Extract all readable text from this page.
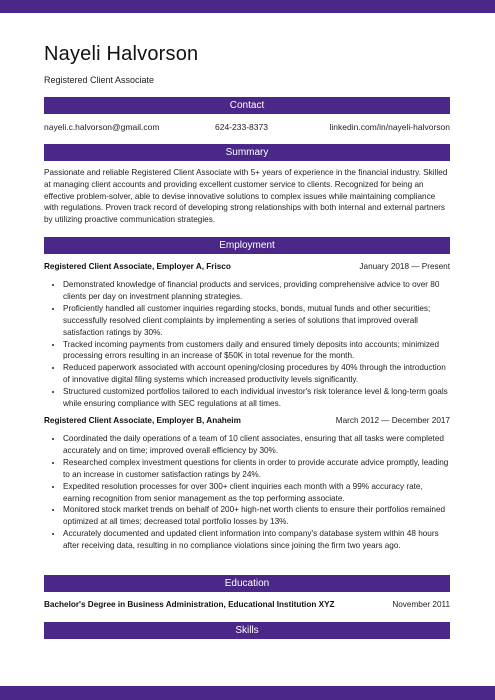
Nayeli Halvorson
Registered Client Associate
Contact
nayeli.c.halvorson@gmail.com	624-233-8373	linkedin.com/in/nayeli-halvorson
Summary
Passionate and reliable Registered Client Associate with 5+ years of experience in the financial industry. Skilled at managing client accounts and providing excellent customer service to clients. Recognized for being an effective problem-solver, able to devise innovative solutions to complex issues while maintaining compliance with regulations. Proven track record of developing strong relationships with both internal and external partners by utilizing proactive communication strategies.
Employment
Registered Client Associate, Employer A, Frisco	January 2018 — Present
• Demonstrated knowledge of financial products and services, providing comprehensive advice to over 80 clients per day on investment planning strategies.
• Proficiently handled all customer inquiries regarding stocks, bonds, mutual funds and other securities; successfully resolved client complaints by implementing a series of solutions that improved overall satisfaction ratings by 30%.
• Tracked incoming payments from customers daily and ensured timely deposits into accounts; minimized processing errors resulting in an increase of $50K in total revenue for the month.
• Reduced paperwork associated with account opening/closing procedures by 40% through the introduction of innovative digital filing systems which increased productivity levels significantly.
• Structured customized portfolios tailored to each individual investor's risk tolerance level & long-term goals while ensuring compliance with SEC regulations at all times.
Registered Client Associate, Employer B, Anaheim	March 2012 — December 2017
• Coordinated the daily operations of a team of 10 client associates, ensuring that all tasks were completed accurately and on time; improved overall efficiency by 30%.
• Researched complex investment questions for clients in order to provide accurate advice promptly, leading to an increase in customer satisfaction ratings by 24%.
• Expedited resolution processes for over 300+ client inquiries each month with a 99% accuracy rate, earning recognition from senior management as the top performing associate.
• Monitored stock market trends on behalf of 200+ high-net worth clients to ensure their portfolios remained optimized at all times; decreased total portfolio losses by 13%.
• Accurately documented and updated client information into company's database system within 48 hours after receiving data, resulting in no compliance violations since joining the firm two years ago.
Education
Bachelor's Degree in Business Administration, Educational Institution XYZ	November 2011
Skills
